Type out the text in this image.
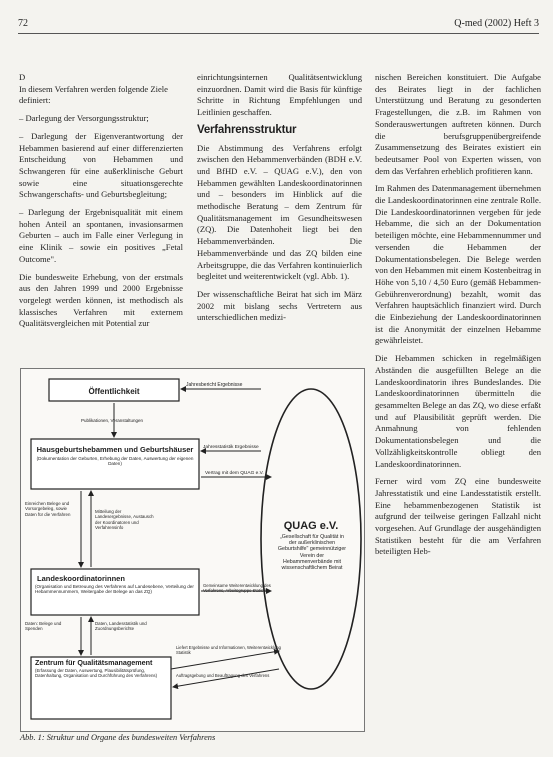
72	Q-med (2002) Heft 3

D

In diesem Verfahren werden folgende Ziele definiert:

– Darlegung der Versorgungsstruktur;

– Darlegung der Eigenverantwortung der Hebammen basierend auf einer differenzierten Entscheidung von Hebammen und Schwangeren für eine außerklinische Geburt sowie eine situationsgerechte Schwangerschafts- und Geburtsbegleitung;

– Darlegung der Ergebnisqualität mit einem hohen Anteil an spontanen, invasionsarmen Geburten – auch im Falle einer Verlegung in eine Klinik – sowie ein positives „Fetal Outcome".

Die bundesweite Erhebung, von der erstmals aus den Jahren 1999 und 2000 Ergebnisse vorgelegt werden können, ist methodisch als klassisches Verfahren mit externem Qualitätsvergleichen mit Potential zur

einrichtungsinternen Qualitätsentwicklung einzuordnen. Damit wird die Basis für künftige Schritte in Richtung Empfehlungen und Leitlinien geschaffen.

Verfahrensstruktur

Die Abstimmung des Verfahrens erfolgt zwischen den Hebammenverbänden (BDH e.V. und BfHD e.V. – QUAG e.V.), den von Hebammen gewählten Landeskoordinatorinnen und – besonders im Hinblick auf die methodische Beratung – dem Zentrum für Qualitätsmanagement im Gesundheitswesen (ZQ). Die Datenhoheit liegt bei den Hebammenverbänden. Die Hebammenverbände und das ZQ bilden eine Arbeitsgruppe, die das Verfahren kontinuierlich begleitet und weiterentwickelt (vgl. Abb. 1).

Der wissenschaftliche Beirat hat sich im März 2002 mit bislang sechs Vertretern aus unterschiedlichen medizi-

nischen Bereichen konstituiert. Die Aufgabe des Beirates liegt in der fachlichen Unterstützung und Beratung zu gesonderten Fragestellungen, die z.B. im Rahmen von Sonderauswertungen auftreten können. Durch die berufsgruppenübergreifende Zusammensetzung des Beirates existiert ein bedeutsamer Pool von Experten wissen, von dem das Verfahren erheblich profitieren kann.

Im Rahmen des Datenmanagement übernehmen die Landeskoordinatorinnen eine zentrale Rolle. Die Landeskoordinatorinnen vergeben für jede Hebamme, die sich an der Dokumentation beteiligen möchte, eine Hebammennummer und versenden die Hebammen der Dokumentationsbelegen. Die Belege werden von den Hebammen mit einem Kostenbeitrag in Höhe von 5,10 / 4,50 Euro (gemäß Hebammen-Gebührenverordnung) bezahlt, womit das Verfahren hauptsächlich finanziert wird. Durch die Einbeziehung der Landeskoordinatorinnen ist die Anonymität der einzelnen Hebamme gewährleistet.

Die Hebammen schicken in regelmäßigen Abständen die ausgefüllten Belege an die Landeskoordinatorin ihres Bundeslandes. Die Landeskoordinatorinnen übermitteln die gesammelten Belege an das ZQ, wo diese erfaßt und auf Plausibilität geprüft werden. Die Anmahnung von fehlenden Dokumentationsbelegen und die Vollzähligkeitskontrolle obliegt den Landeskoordinatorinnen.

Ferner wird vom ZQ eine bundesweite Jahresstatistik und eine Landesstatistik erstellt. Eine hebammenbezogenen Statistik ist aufgrund der teilweise geringen Fallzahl nicht vorgesehen. Auf Grundlage der ausgehändigten Statistiken besteht für die am Verfahren beteiligten Heb-

Öffentlichkeit
Jahresbericht Ergebnisse
Publikationen, Veranstaltungen
Hausgeburtshebammen und Geburtshäuser
(Dokumentation der Geburten, Erhebung der Daten, Auswertung der eigenen Daten)
Jahresstatistik Ergebnisse
Vertrag mit dem QUAG e.V.
Einreichen Belege und Vorsorgebeleg, sowie Daten für die Verfahren
Mitteilung der Landesergebnisse, Austausch der Koordinatoren und Verfahrensinfo
Landeskoordinatorinnen
(Organisation und Betreuung des Verfahrens auf Landesebene, Verteilung der Hebammennummern, Weitergabe der Belege an das ZQ)
Gemeinsame Weiterentwicklung des Verfahrens, Arbeitsgruppe Statistik
Daten: Belege und Spenden
Daten, Landesstatistik und Zuordnungsberichte
Zentrum für Qualitätsmanagement
(Erfassung der Daten, Auswertung, Plausibilitätsprüfung, Datenhaltung, Organisation und Durchführung des Verfahrens)
Liefert Ergebnisse und Informationen, Weiterentwicklung Statistik
Auftragsgebung und Beauftragung des Verfahrens
QUAG e.V.
„Gesellschaft für Qualität in der außerklinischen Geburtshilfe" gemeinnütziger Verein der Hebammenverbände mit wissenschaftlichem Beirat
Abb. 1: Struktur und Organe des bundesweiten Verfahrens
